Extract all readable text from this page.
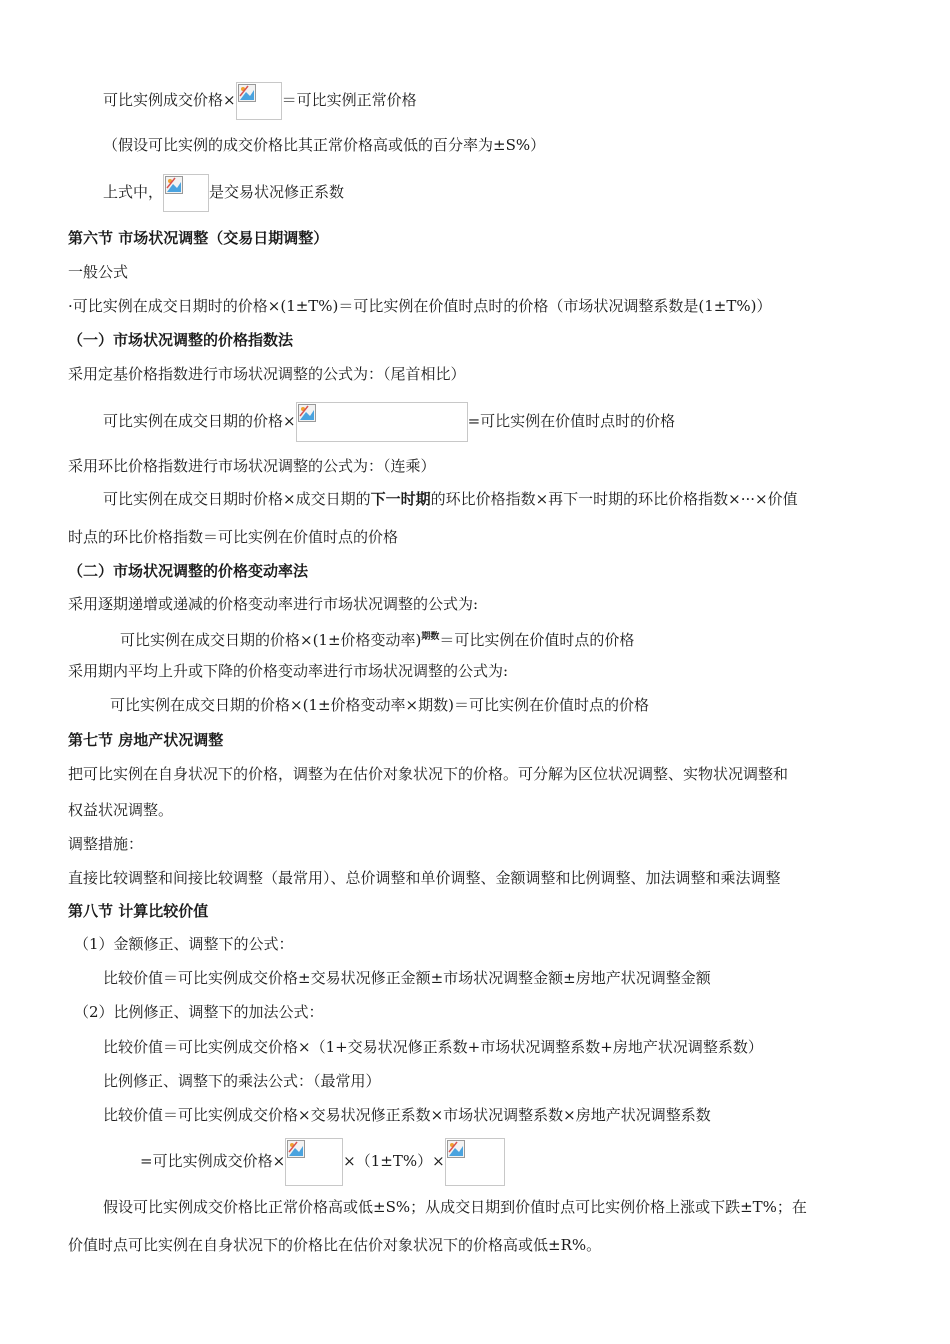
可比实例成交价格×	＝可比实例正常价格
（假设可比实例的成交价格比其正常价格高或低的百分率为±S%）
上式中，	是交易状况修正系数
第六节 市场状况调整（交易日期调整）
一般公式
·可比实例在成交日期时的价格×(1±T%)＝可比实例在价值时点时的价格（市场状况调整系数是(1±T%)）
（一）市场状况调整的价格指数法
采用定基价格指数进行市场状况调整的公式为：（尾首相比）
可比实例在成交日期的价格×	=可比实例在价值时点时的价格
采用环比价格指数进行市场状况调整的公式为：（连乘）
可比实例在成交日期时价格×成交日期的下一时期的环比价格指数×再下一时期的环比价格指数×···×价值
时点的环比价格指数＝可比实例在价值时点的价格
（二）市场状况调整的价格变动率法
采用逐期递增或递减的价格变动率进行市场状况调整的公式为:
可比实例在成交日期的价格×(1±价格变动率)$^{期数}$＝可比实例在价值时点的价格
采用期内平均上升或下降的价格变动率进行市场状况调整的公式为:
可比实例在成交日期的价格×(1±价格变动率×期数)＝可比实例在价值时点的价格
第七节 房地产状况调整
把可比实例在自身状况下的价格，调整为在估价对象状况下的价格。可分解为区位状况调整、实物状况调整和
权益状况调整。
调整措施：
直接比较调整和间接比较调整（最常用）、总价调整和单价调整、金额调整和比例调整、加法调整和乘法调整
第八节 计算比较价值
（1）金额修正、调整下的公式：
比较价值＝可比实例成交价格±交易状况修正金额±市场状况调整金额±房地产状况调整金额
（2）比例修正、调整下的加法公式：
比较价值＝可比实例成交价格×（1+交易状况修正系数+市场状况调整系数+房地产状况调整系数）
比例修正、调整下的乘法公式：（最常用）
比较价值＝可比实例成交价格×交易状况修正系数×市场状况调整系数×房地产状况调整系数
=可比实例成交价格×	×（1±T%）×
假设可比实例成交价格比正常价格高或低±S%；从成交日期到价值时点可比实例价格上涨或下跌±T%；在
价值时点可比实例在自身状况下的价格比在估价对象状况下的价格高或低±R%。
